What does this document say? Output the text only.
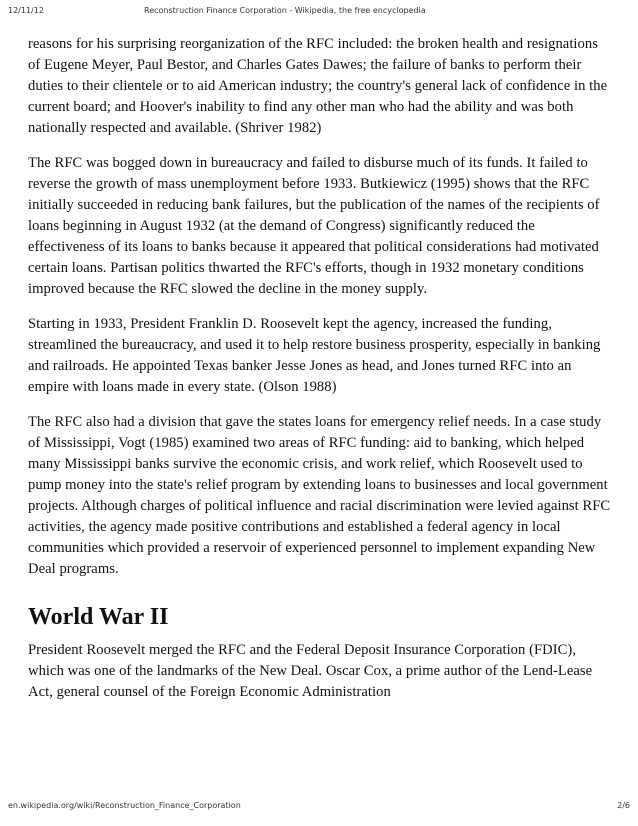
12/11/12	Reconstruction Finance Corporation - Wikipedia, the free encyclopedia

reasons for his surprising reorganization of the RFC included: the broken health and resignations of Eugene Meyer, Paul Bestor, and Charles Gates Dawes; the failure of banks to perform their duties to their clientele or to aid American industry; the country's general lack of confidence in the current board; and Hoover's inability to find any other man who had the ability and was both nationally respected and available. (Shriver 1982)

The RFC was bogged down in bureaucracy and failed to disburse much of its funds. It failed to reverse the growth of mass unemployment before 1933. Butkiewicz (1995) shows that the RFC initially succeeded in reducing bank failures, but the publication of the names of the recipients of loans beginning in August 1932 (at the demand of Congress) significantly reduced the effectiveness of its loans to banks because it appeared that political considerations had motivated certain loans. Partisan politics thwarted the RFC's efforts, though in 1932 monetary conditions improved because the RFC slowed the decline in the money supply.

Starting in 1933, President Franklin D. Roosevelt kept the agency, increased the funding, streamlined the bureaucracy, and used it to help restore business prosperity, especially in banking and railroads. He appointed Texas banker Jesse Jones as head, and Jones turned RFC into an empire with loans made in every state. (Olson 1988)

The RFC also had a division that gave the states loans for emergency relief needs. In a case study of Mississippi, Vogt (1985) examined two areas of RFC funding: aid to banking, which helped many Mississippi banks survive the economic crisis, and work relief, which Roosevelt used to pump money into the state's relief program by extending loans to businesses and local government projects. Although charges of political influence and racial discrimination were levied against RFC activities, the agency made positive contributions and established a federal agency in local communities which provided a reservoir of experienced personnel to implement expanding New Deal programs.

World War II

President Roosevelt merged the RFC and the Federal Deposit Insurance Corporation (FDIC), which was one of the landmarks of the New Deal. Oscar Cox, a prime author of the Lend-Lease Act, general counsel of the Foreign Economic Administration

en.wikipedia.org/wiki/Reconstruction_Finance_Corporation	2/6
